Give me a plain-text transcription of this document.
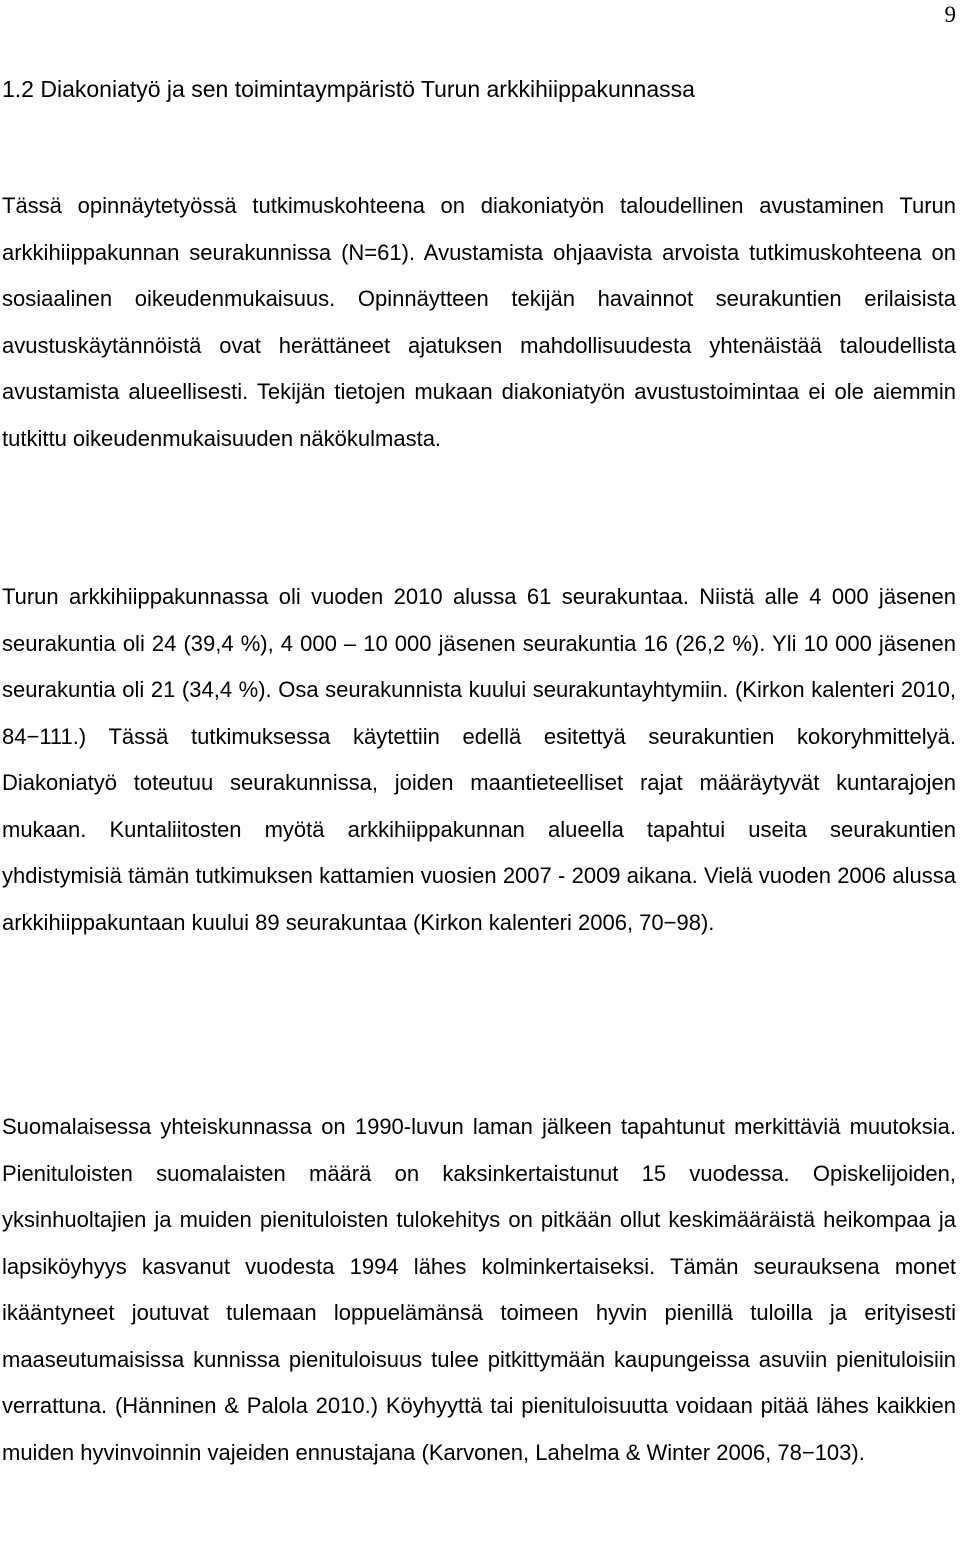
9
1.2 Diakoniatyö ja sen toimintaympäristö Turun arkkihiippakunnassa

Tässä opinnäytetyössä tutkimuskohteena on diakoniatyön taloudellinen avustaminen Turun arkkihiippakunnan seurakunnissa (N=61). Avustamista ohjaavista arvoista tutkimuskohteena on sosiaalinen oikeudenmukaisuus. Opinnäytteen tekijän havainnot seurakuntien erilaisista avustuskäytännöistä ovat herättäneet ajatuksen mahdollisuudesta yhtenäistää taloudellista avustamista alueellisesti. Tekijän tietojen mukaan diakoniatyön avustustoimintaa ei ole aiemmin tutkittu oikeudenmukaisuuden näkökulmasta.

Turun arkkihiippakunnassa oli vuoden 2010 alussa 61 seurakuntaa. Niistä alle 4 000 jäsenen seurakuntia oli 24 (39,4 %), 4 000 – 10 000 jäsenen seurakuntia 16 (26,2 %). Yli 10 000 jäsenen seurakuntia oli 21 (34,4 %). Osa seurakunnista kuului seurakuntayhtymiin. (Kirkon kalenteri 2010, 84−111.) Tässä tutkimuksessa käytettiin edellä esitettyä seurakuntien kokoryhmittelyä. Diakoniatyö toteutuu seurakunnissa, joiden maantieteelliset rajat määräytyvät kuntarajojen mukaan. Kuntaliitosten myötä arkkihiippakunnan alueella tapahtui useita seurakuntien yhdistymisiä tämän tutkimuksen kattamien vuosien 2007 - 2009 aikana. Vielä vuoden 2006 alussa arkkihiippakuntaan kuului 89 seurakuntaa (Kirkon kalenteri 2006, 70−98).

Suomalaisessa yhteiskunnassa on 1990-luvun laman jälkeen tapahtunut merkittäviä muutoksia. Pienituloisten suomalaisten määrä on kaksinkertaistunut 15 vuodessa. Opiskelijoiden, yksinhuoltajien ja muiden pienituloisten tulokehitys on pitkään ollut keskimääräistä heikompaa ja lapsiköyhyys kasvanut vuodesta 1994 lähes kolminkertaiseksi. Tämän seurauksena monet ikääntyneet joutuvat tulemaan loppuelämänsä toimeen hyvin pienillä tuloilla ja erityisesti maaseutumaisissa kunnissa pienituloisuus tulee pitkittymään kaupungeissa asuviin pienituloisiin verrattuna. (Hänninen & Palola 2010.) Köyhyyttä tai pienituloisuutta voidaan pitää lähes kaikkien muiden hyvinvoinnin vajeiden ennustajana (Karvonen, Lahelma & Winter 2006, 78−103).
